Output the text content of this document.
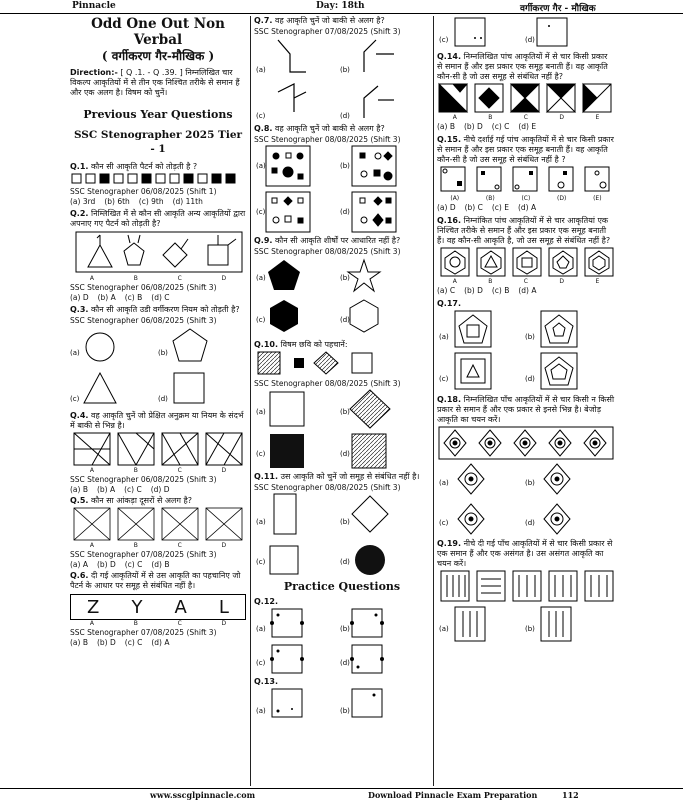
Pinnacle	Day: 18th	वर्गीकरण गैर - मौखिक
Odd One Out Non
Verbal
( वर्गीकरण गैर-मौखिक )
Direction:- [ Q .1. - Q .39. ] निम्नलिखित चार विकल्प आकृतियों में से तीन एक निश्चित तरीके से समान हैं और एक अलग है। विषम को चुनें।
Previous Year Questions
SSC Stenographer 2025 Tier - 1
Q.1. कौन सी आकृति पैटर्न को तोड़ती है ?
SSC Stenographer 06/08/2025 (Shift 1)
(a) 3rd (b) 6th (c) 9th (d) 11th
Q.2. निम्लिखित में से कौन सी आकृति अन्य आकृतियों द्वारा अपनाए गए पैटर्न को तोड़ती है?
A	B	C	D
SSC Stenographer 06/08/2025 (Shift 3)
(a) D (b) A (c) B (d) C
Q.3. कौन सी आकृति उडी वर्गीकरण नियम को तोड़ती है?
SSC Stenographer 06/08/2025 (Shift 3)
(a)	(b)
(c)	(d)
Q.4. वह आकृति चुनें जो प्रेक्षित अनुक्रम या नियम के संदर्भ में बाकी से भिन्न है।
A	B	C	D
SSC Stenographer 06/08/2025 (Shift 3)
(a) B (b) A (c) C (d) D
Q.5. कौन सा आंकड़ा दूसरों से अलग है?
A	B	C	D
SSC Stenographer 07/08/2025 (Shift 3)
(a) A (b) D (c) C (d) B
Q.6. दी गई आकृतियों में से उस आकृति का पहचानिए जो पैटर्न के आधार पर समूह से संबंधित नहीं है।
Z Y A L
A	B	C	D
SSC Stenographer 07/08/2025 (Shift 3)
(a) B (b) D (c) C (d) A
Q.7. वह आकृति चुनें जो बाकी से अलग है?
SSC Stenographer 07/08/2025 (Shift 3)
(a)	(b)
(c)	(d)
Q.8. वह आकृति चुनें जो बाकी से अलग है?
SSC Stenographer 08/08/2025 (Shift 3)
(a)	(b)
(c)	(d)
Q.9. कौन सी आकृति शीर्षों पर आधारित नहीं है?
SSC Stenographer 08/08/2025 (Shift 3)
(a)	(b)
(c)	(d)
Q.10. विषम छवि को पहचानें:
SSC Stenographer 08/08/2025 (Shift 3)
(a)	(b)
(c)	(d)
Q.11. उस आकृति को चुनें जो समूह से संबंधित नहीं है।
SSC Stenographer 08/08/2025 (Shift 3)
(a)	(b)
(c)	(d)
Practice Questions
Q.12.
(a)	(b)
(c)	(d)
Q.13.
(a)	(b)
(c)	(d)
Q.14. निम्नलिखित पांच आकृतियों में से चार किसी प्रकार से समान हैं और इस प्रकार एक समूह बनाती हैं। वह आकृति कौन-सी है जो उस समूह से संबंधित नहीं है?
A	B	C	D	E
(a) B (b) D (c) C (d) E
Q.15. नीचे दर्शाई गई पांच आकृतियों में से चार किसी प्रकार से समान हैं और इस प्रकार एक समूह बनाती हैं। वह आकृति कौन-सी है जो उस समूह से संबंधित नहीं है ?
(A)	(B)	(C)	(D)	(E)
(a) D (b) C (c) E (d) A
Q.16. निम्नांकित पांच आकृतियों में से चार आकृतियां एक निश्चित तरीके से समान हैं और इस प्रकार एक समूह बनाती हैं। वह कौन-सी आकृति है, जो उस समूह से संबंधित नहीं है?
A	B	C	D	E
(a) C (b) D (c) B (d) A
Q.17.
(a)	(b)
(c)	(d)
Q.18. निम्नलिखित पाँच आकृतियों में से चार किसी न किसी प्रकार से समान हैं और एक प्रकार से इनसे भिन्न है। बेजोड़ आकृति का चयन करें।
(a)	(b)
(c)	(d)
Q.19. नीचे दी गई पाँच आकृतियों में से चार किसी प्रकार से एक समान हैं और एक असंगत है। उस असंगत आकृति का चयन करें।
(a)	(b)
www.sscglpinnacle.com	Download Pinnacle Exam Preparation	112
